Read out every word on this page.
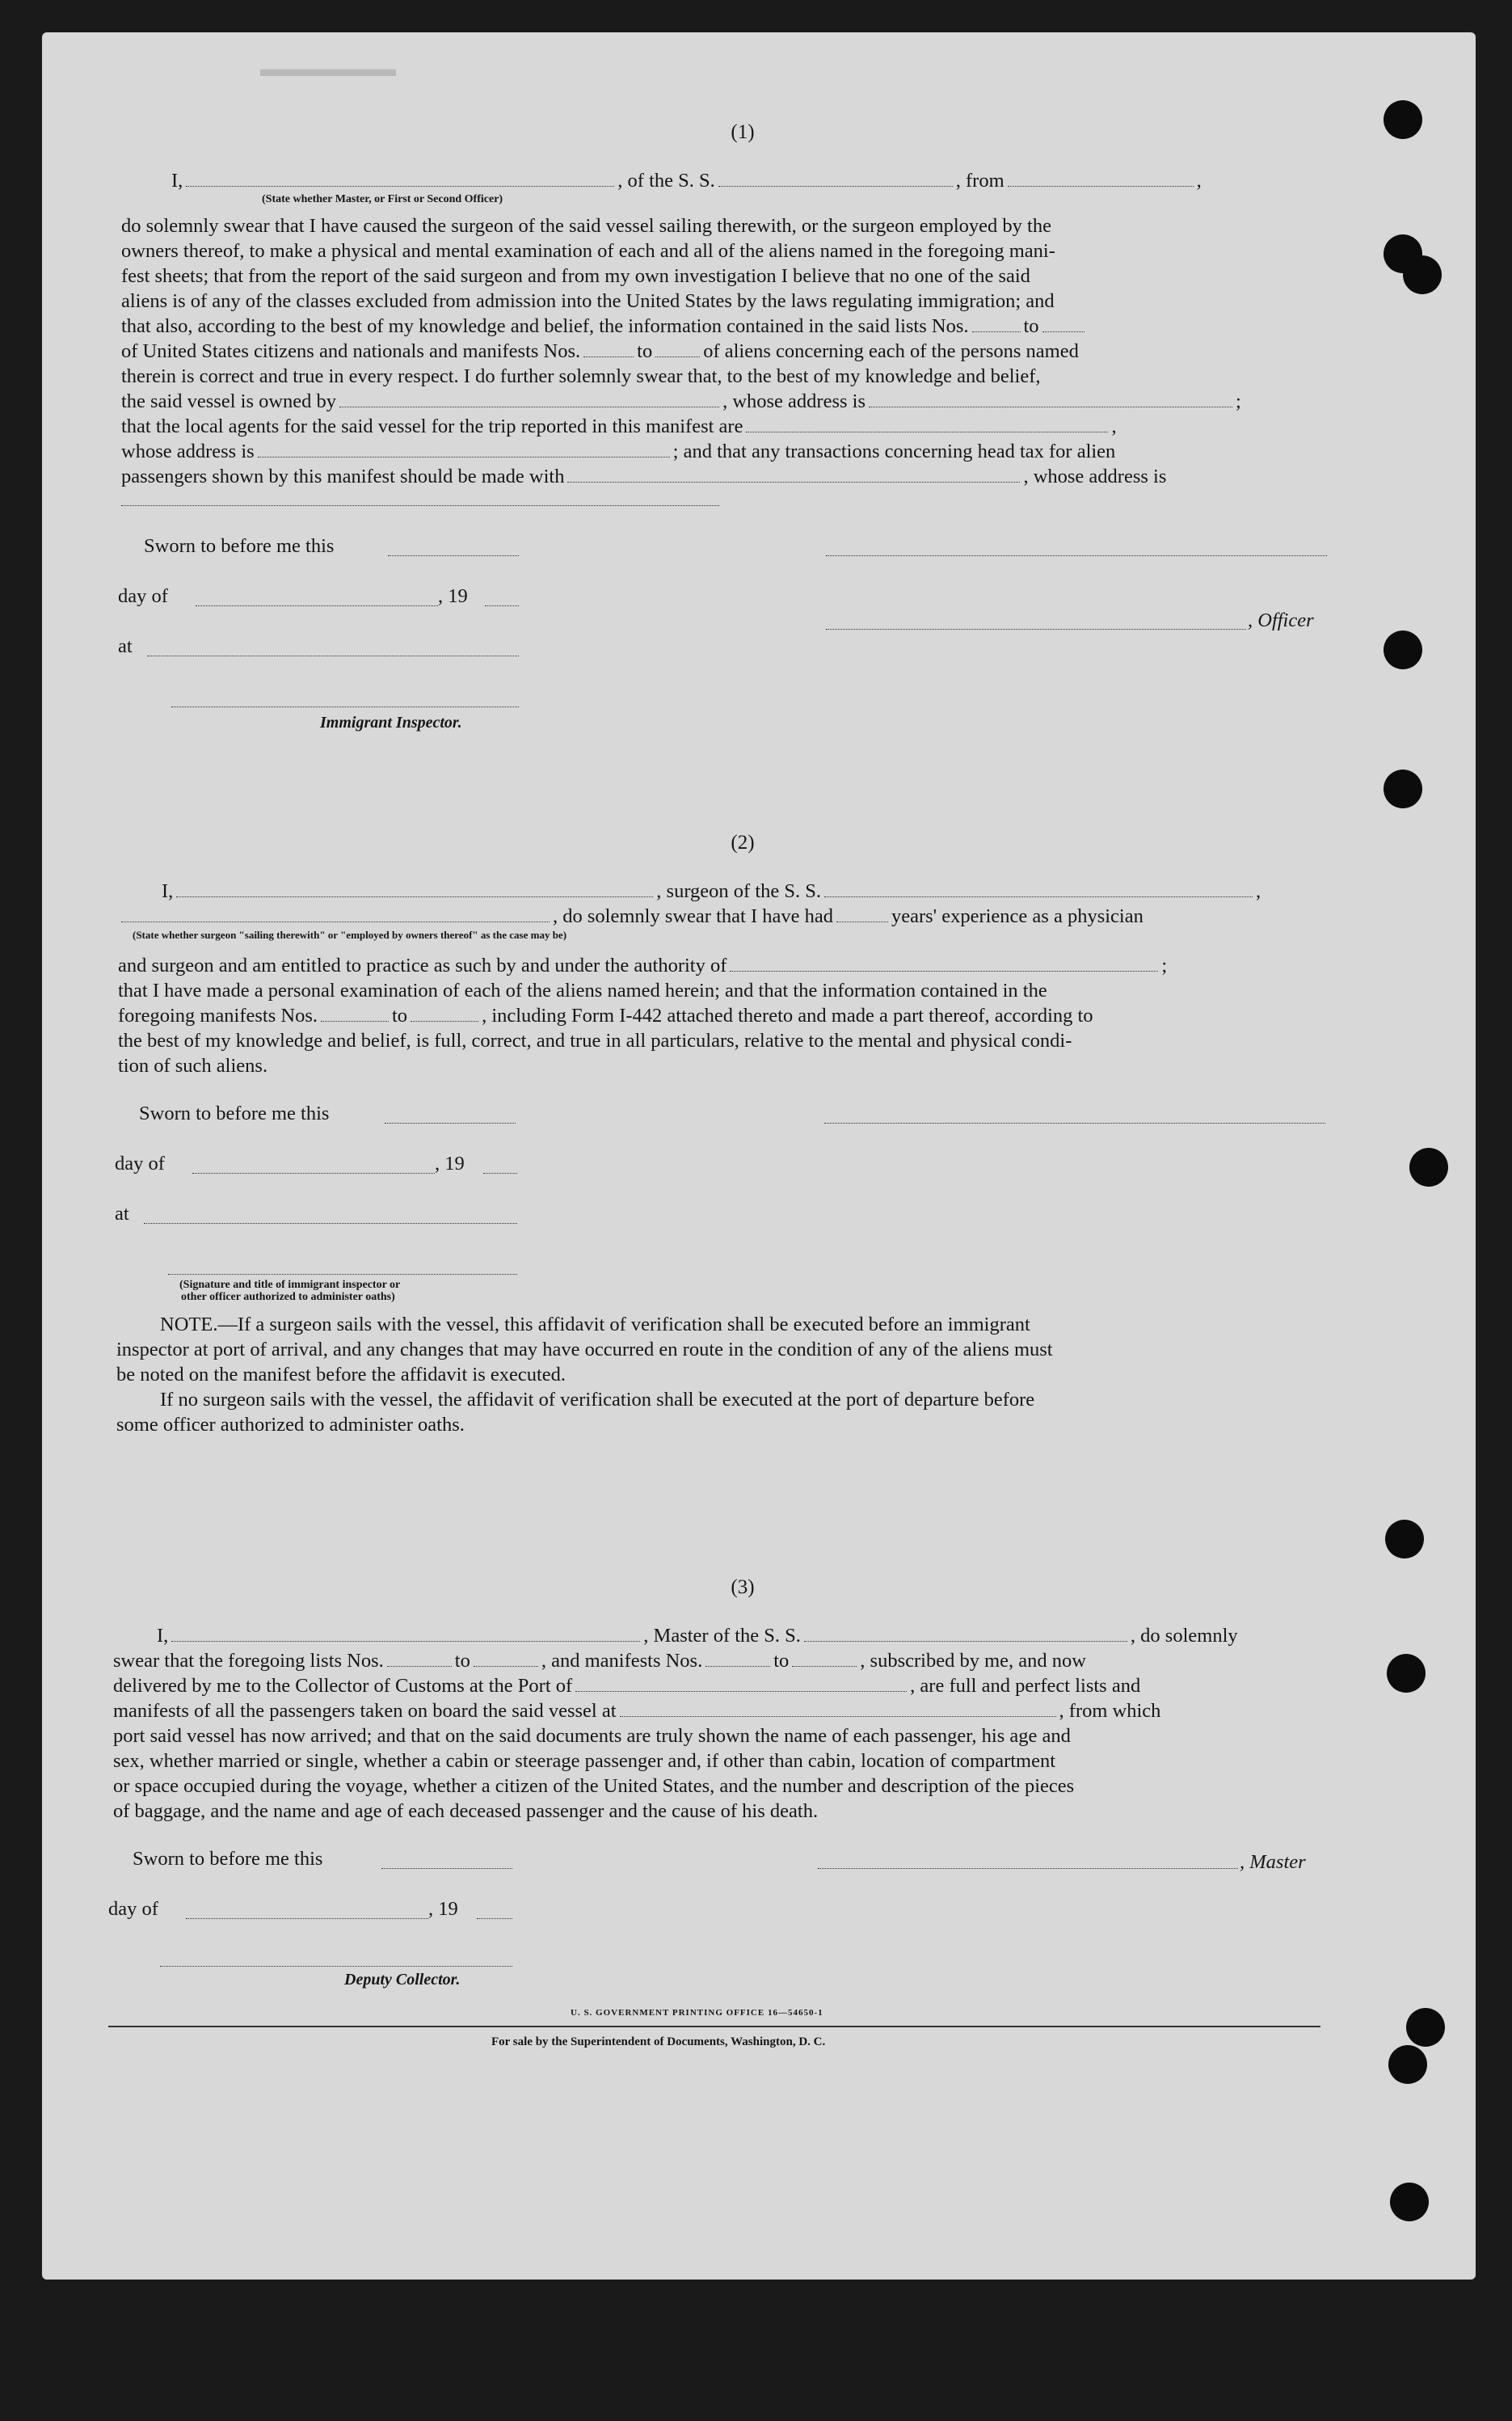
▬▬▬▬▬▬
(1)
I,	, of the S. S.	, from	,
(State whether Master, or First or Second Officer)
do solemnly swear that I have caused the surgeon of the said vessel sailing therewith, or the surgeon employed by the
owners thereof, to make a physical and mental examination of each and all of the aliens named in the foregoing mani-
fest sheets; that from the report of the said surgeon and from my own investigation I believe that no one of the said
aliens is of any of the classes excluded from admission into the United States by the laws regulating immigration; and
that also, according to the best of my knowledge and belief, the information contained in the said lists Nos.	to
of United States citizens and nationals and manifests Nos.	to	of aliens concerning each of the persons named
therein is correct and true in every respect. I do further solemnly swear that, to the best of my knowledge and belief,
the said vessel is owned by	, whose address is	;
that the local agents for the said vessel for the trip reported in this manifest are	,
whose address is	; and that any transactions concerning head tax for alien
passengers shown by this manifest should be made with	, whose address is
Sworn to before me this
day of	, 19
, Officer
at
Immigrant Inspector.
(2)
I,	, surgeon of the S. S.	,
, do solemnly swear that I have had	years' experience as a physician
(State whether surgeon "sailing therewith" or "employed by owners thereof" as the case may be)
and surgeon and am entitled to practice as such by and under the authority of	;
that I have made a personal examination of each of the aliens named herein; and that the information contained in the
foregoing manifests Nos.	to	, including Form I-442 attached thereto and made a part thereof, according to
the best of my knowledge and belief, is full, correct, and true in all particulars, relative to the mental and physical condi-
tion of such aliens.
Sworn to before me this
day of	, 19
at
(Signature and title of immigrant inspector or
other officer authorized to administer oaths)
NOTE.—If a surgeon sails with the vessel, this affidavit of verification shall be executed before an immigrant
inspector at port of arrival, and any changes that may have occurred en route in the condition of any of the aliens must
be noted on the manifest before the affidavit is executed.
If no surgeon sails with the vessel, the affidavit of verification shall be executed at the port of departure before
some officer authorized to administer oaths.
(3)
I,	, Master of the S. S.	, do solemnly
swear that the foregoing lists Nos.	to	, and manifests Nos.	to	, subscribed by me, and now
delivered by me to the Collector of Customs at the Port of	, are full and perfect lists and
manifests of all the passengers taken on board the said vessel at	, from which
port said vessel has now arrived; and that on the said documents are truly shown the name of each passenger, his age and
sex, whether married or single, whether a cabin or steerage passenger and, if other than cabin, location of compartment
or space occupied during the voyage, whether a citizen of the United States, and the number and description of the pieces
of baggage, and the name and age of each deceased passenger and the cause of his death.
Sworn to before me this	, Master
day of	, 19
Deputy Collector.
U. S. GOVERNMENT PRINTING OFFICE 16—54650-1
For sale by the Superintendent of Documents, Washington, D. C.
